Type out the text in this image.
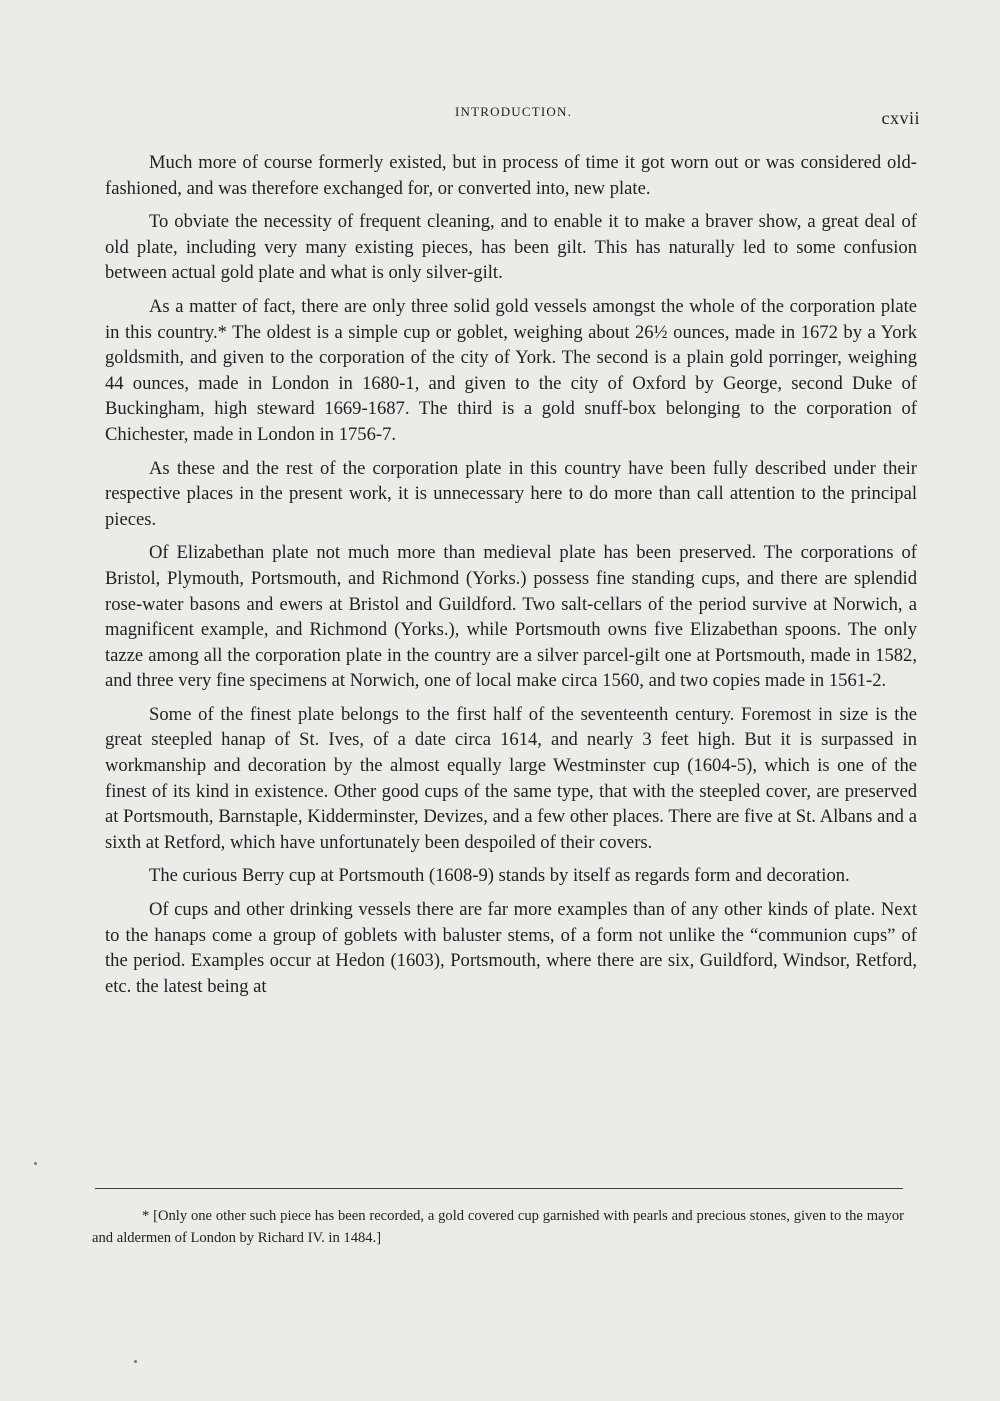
INTRODUCTION.	cxvii

Much more of course formerly existed, but in process of time it got worn out or was considered old-fashioned, and was therefore exchanged for, or converted into, new plate.

To obviate the necessity of frequent cleaning, and to enable it to make a braver show, a great deal of old plate, including very many existing pieces, has been gilt. This has naturally led to some confusion between actual gold plate and what is only silver-gilt.

As a matter of fact, there are only three solid gold vessels amongst the whole of the corporation plate in this country.* The oldest is a simple cup or goblet, weighing about 26½ ounces, made in 1672 by a York goldsmith, and given to the corporation of the city of York. The second is a plain gold porringer, weighing 44 ounces, made in London in 1680-1, and given to the city of Oxford by George, second Duke of Buckingham, high steward 1669-1687. The third is a gold snuff-box belonging to the corporation of Chichester, made in London in 1756-7.

As these and the rest of the corporation plate in this country have been fully described under their respective places in the present work, it is unnecessary here to do more than call attention to the principal pieces.

Of Elizabethan plate not much more than medieval plate has been preserved. The corporations of Bristol, Plymouth, Portsmouth, and Richmond (Yorks.) possess fine standing cups, and there are splendid rose-water basons and ewers at Bristol and Guildford. Two salt-cellars of the period survive at Norwich, a magnificent example, and Richmond (Yorks.), while Portsmouth owns five Elizabethan spoons. The only tazze among all the corporation plate in the country are a silver parcel-gilt one at Portsmouth, made in 1582, and three very fine specimens at Norwich, one of local make circa 1560, and two copies made in 1561-2.

Some of the finest plate belongs to the first half of the seventeenth century. Foremost in size is the great steepled hanap of St. Ives, of a date circa 1614, and nearly 3 feet high. But it is surpassed in workmanship and decoration by the almost equally large Westminster cup (1604-5), which is one of the finest of its kind in existence. Other good cups of the same type, that with the steepled cover, are preserved at Portsmouth, Barnstaple, Kidderminster, Devizes, and a few other places. There are five at St. Albans and a sixth at Retford, which have unfortunately been despoiled of their covers.

The curious Berry cup at Portsmouth (1608-9) stands by itself as regards form and decoration.

Of cups and other drinking vessels there are far more examples than of any other kinds of plate. Next to the hanaps come a group of goblets with baluster stems, of a form not unlike the “communion cups” of the period. Examples occur at Hedon (1603), Portsmouth, where there are six, Guildford, Windsor, Retford, etc. the latest being at

* [Only one other such piece has been recorded, a gold covered cup garnished with pearls and precious stones, given to the mayor and aldermen of London by Richard IV. in 1484.]
